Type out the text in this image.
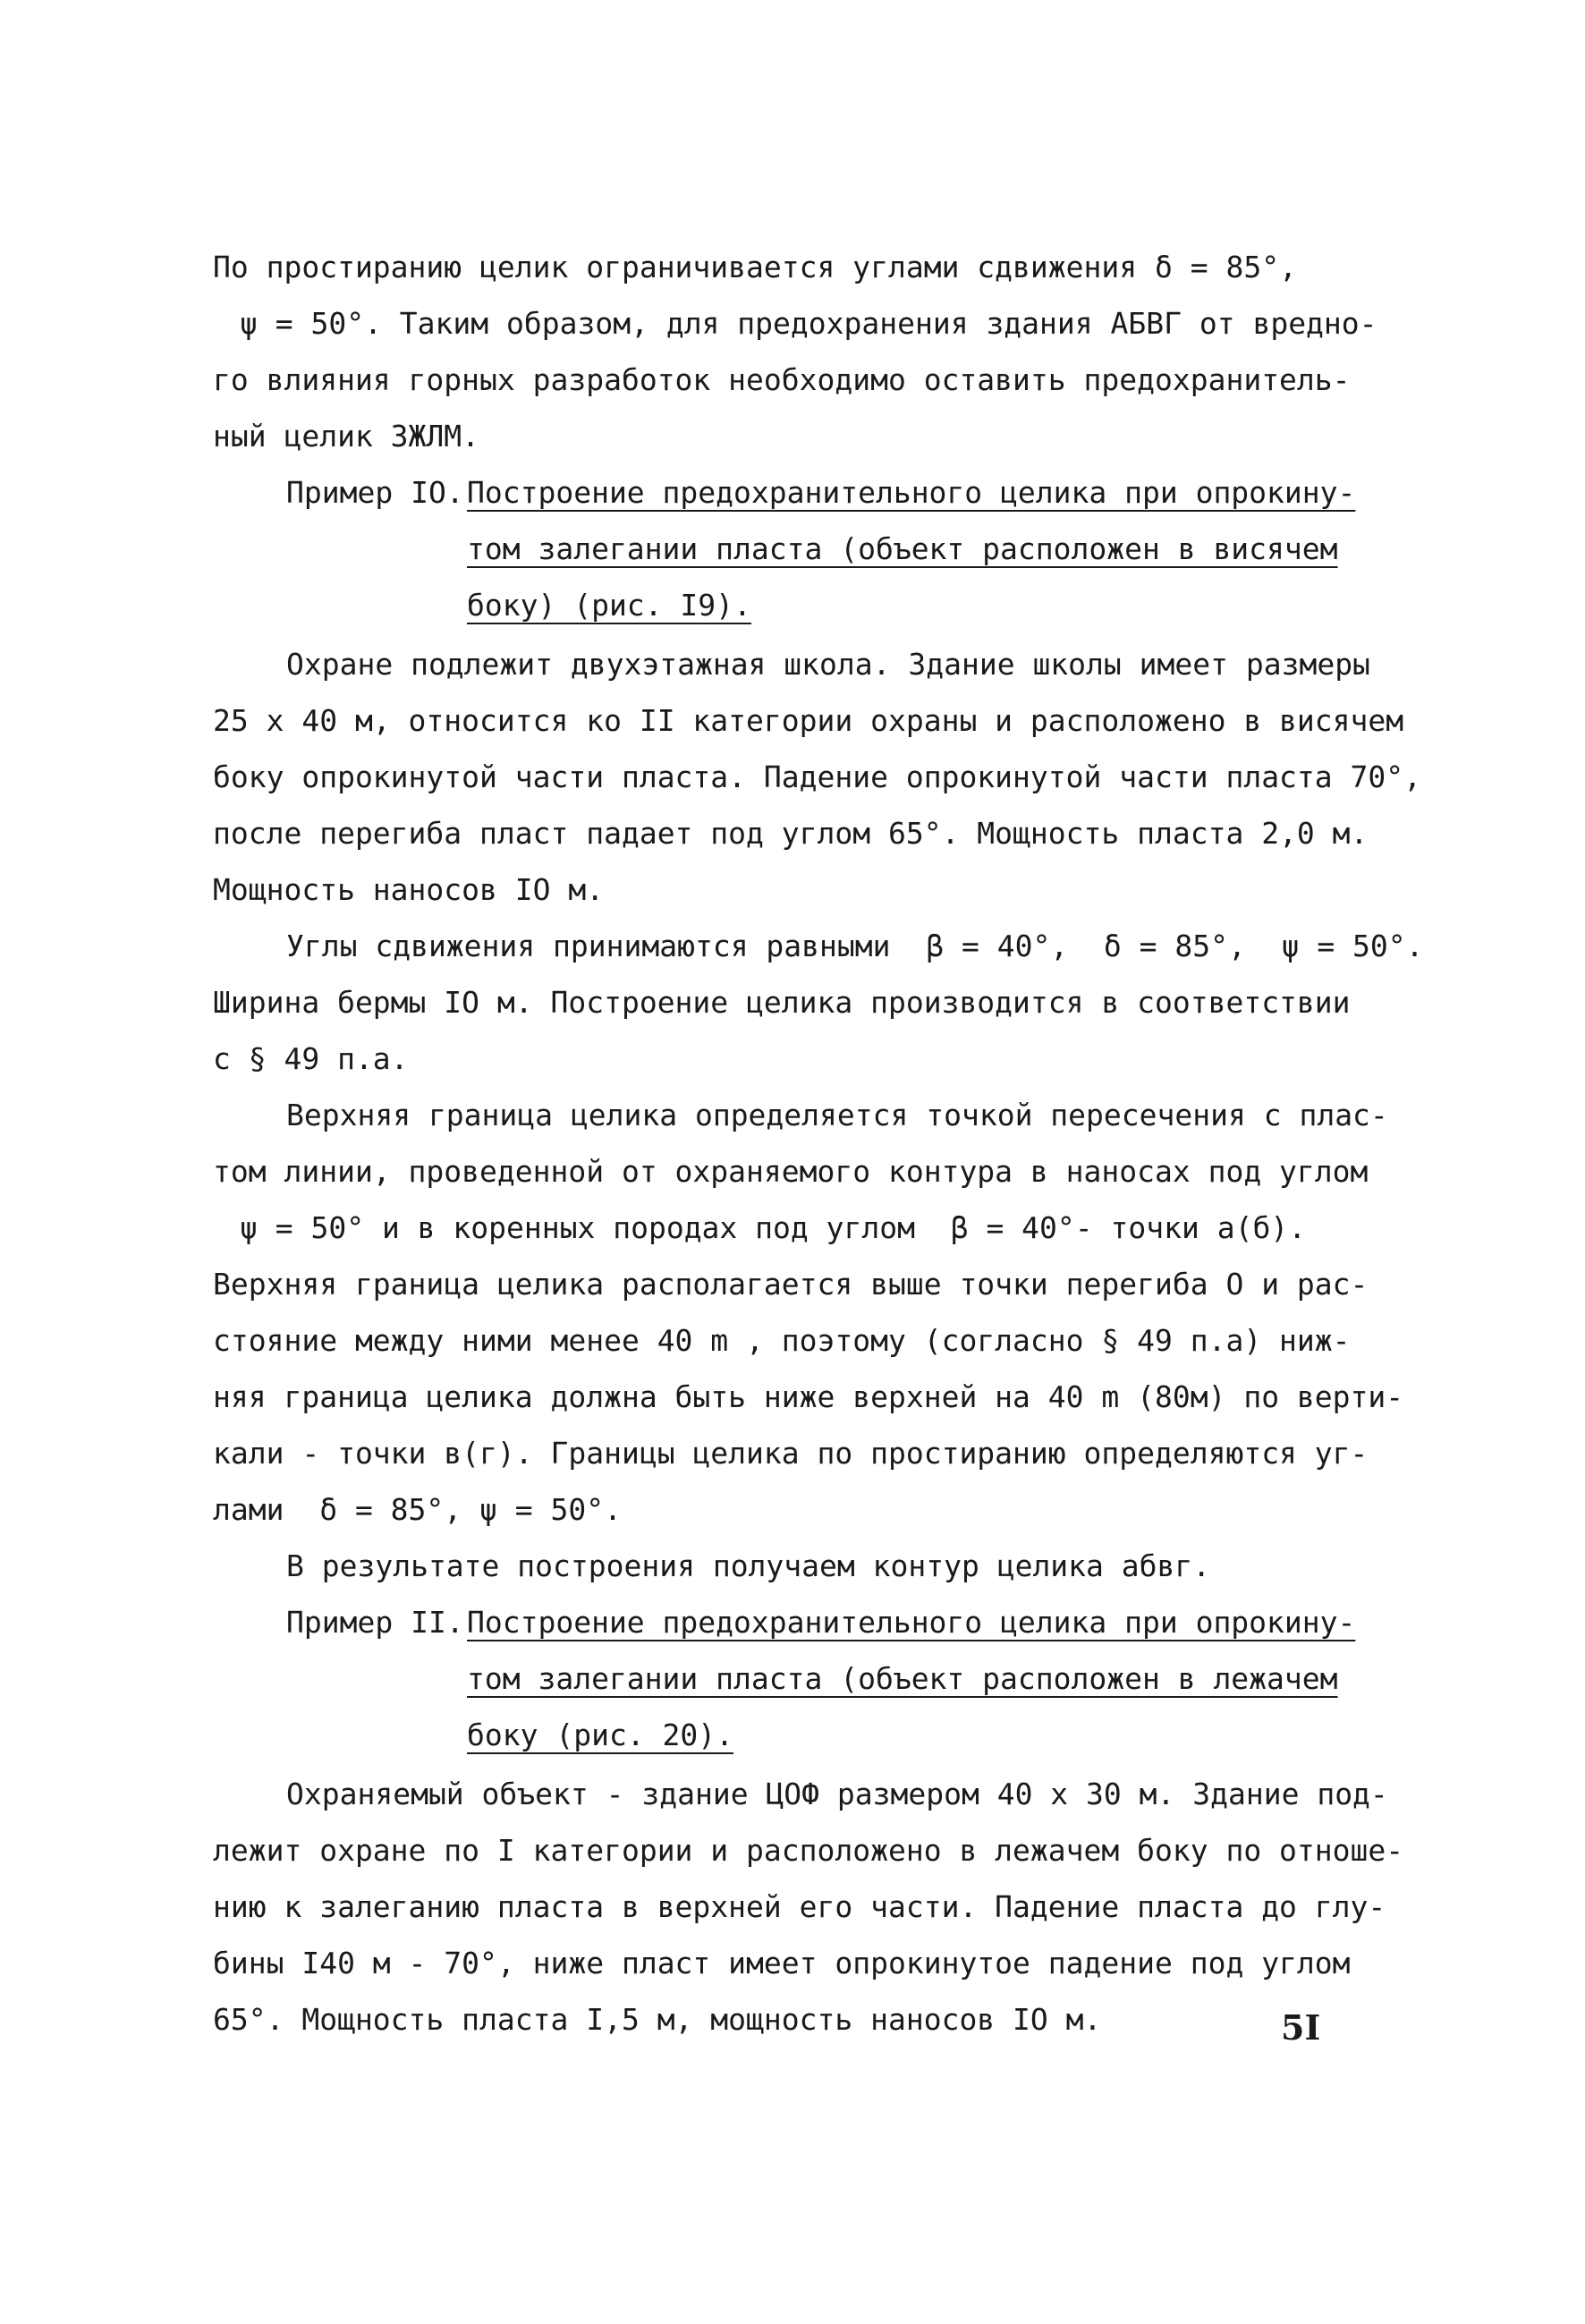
По простиранию целик ограничивается углами сдвижения δ = 85°,
ψ = 50°. Таким образом, для предохранения здания АБВГ от вредно-
го влияния горных разработок необходимо оставить предохранитель-
ный целик ЗЖЛМ.
Пример IO.
Построение предохранительного целика при опрокину-
том залегании пласта (объект расположен в висячем
боку) (рис. I9).
Охране подлежит двухэтажная школа. Здание школы имеет размеры
25 х 40 м, относится ко II категории охраны и расположено в висячем
боку опрокинутой части пласта. Падение опрокинутой части пласта 70°,
после перегиба пласт падает под углом 65°. Мощность пласта 2,0 м.
Мощность наносов IO м.
Углы сдвижения принимаются равными  β = 40°,  δ = 85°,  ψ = 50°.
Ширина бермы IO м. Построение целика производится в соответствии
с § 49 п.а.
Верхняя граница целика определяется точкой пересечения с плас-
том линии, проведенной от охраняемого контура в наносах под углом
ψ = 50° и в коренных породах под углом  β = 40°- точки а(б).
Верхняя граница целика располагается выше точки перегиба О и рас-
стояние между ними менее 40 m , поэтому (согласно § 49 п.а) ниж-
няя граница целика должна быть ниже верхней на 40 m (80м) по верти-
кали - точки в(г). Границы целика по простиранию определяются уг-
лами  δ = 85°, ψ = 50°.
В результате построения получаем контур целика абвг.
Пример II.
Построение предохранительного целика при опрокину-
том залегании пласта (объект расположен в лежачем
боку (рис. 20).
Охраняемый объект - здание ЦОФ размером 40 х 30 м. Здание под-
лежит охране по I категории и расположено в лежачем боку по отноше-
нию к залеганию пласта в верхней его части. Падение пласта до глу-
бины I40 м - 70°, ниже пласт имеет опрокинутое падение под углом
65°. Мощность пласта I,5 м, мощность наносов IO м.	5I
